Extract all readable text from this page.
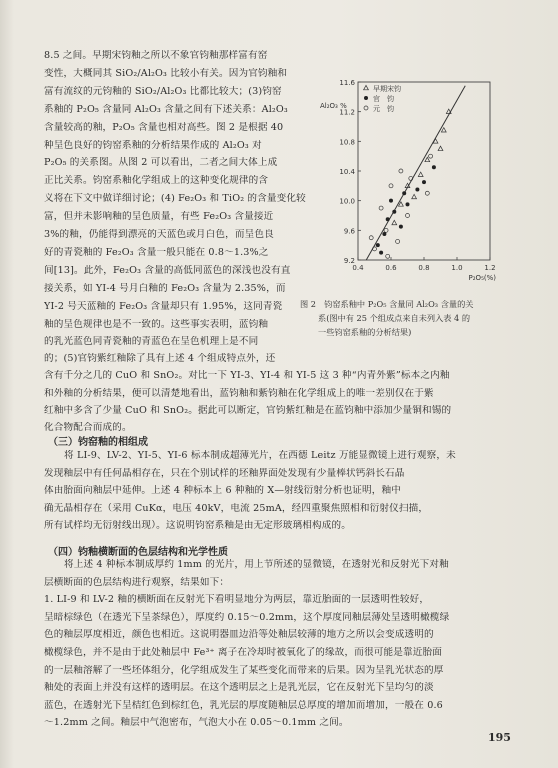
8.5 之间。早期宋钧釉之所以不象官钧釉那样富有窑
变性，大概同其 SiO₂/Al₂O₃ 比较小有关。因为官钧釉和
富有流纹的元钧釉的 SiO₂/Al₂O₃ 比都比较大；(3)钧窑
系釉的 P₂O₅ 含量同 Al₂O₃ 含量之间有下述关系：Al₂O₃
含量较高的釉，P₂O₅ 含量也相对高些。图 2 是根据 40
种呈色良好的钧窑系釉的分析结果作成的 Al₂O₃ 对
P₂O₅ 的关系图。从图 2 可以看出，二者之间大体上成
正比关系。钧窑系釉化学组成上的这种变化规律的含
义将在下文中做详细讨论；(4) Fe₂O₃ 和 TiO₂ 的含量变化较
富，但并未影响釉的呈色质量，有些 Fe₂O₃ 含量接近
3%的釉，仍能得到漂亮的天蓝色或月白色，而呈色良
好的青瓷釉的 Fe₂O₃ 含量一般只能在 0.8～1.3%之
间[13]。此外，Fe₂O₃ 含量的高低同蓝色的深浅也没有直
接关系，如 YI-4 号月白釉的 Fe₂O₃ 含量为 2.35%，而
YI-2 号天蓝釉的 Fe₂O₃ 含量却只有 1.95%，这同青瓷
釉的呈色规律也是不一致的。这些事实表明，蓝钧釉
9.2
9.6
10.0
10.4
10.8
11.2
11.6
0.4	0.6	0.8	1.0	1.2
Al₂O₃ %
P₂O₅(%)
早期宋钧
官　钧
元　钧
图 2　钧窑系釉中 P₂O₅ 含量同 Al₂O₃ 含量的关
系(图中有 25 个组成点来自未列入表 4 的
一些钧窑系釉的分析结果)
的乳光蓝色同青瓷釉的青蓝色在呈色机理上是不同
的；(5)官钧紫红釉除了具有上述 4 个组成特点外，还
含有千分之几的 CuO 和 SnO₂。对比一下 YI-3、YI-4 和 YI-5 这 3 种“内青外紫”标本之内釉
和外釉的分析结果，便可以清楚地看出，蓝钧釉和紫钧釉在化学组成上的唯一差别仅在于紫
红釉中多含了少量 CuO 和 SnO₂。据此可以断定，官钧紫红釉是在蓝钧釉中添加少量铜和锡的
化合物配合而成的。
（三）钧窑釉的相组成
将 LI-9、LV-2、YI-5、YI-6 标本制成超薄光片，在西德 Leitz 万能显微镜上进行观察，未
发现釉层中有任何晶相存在，只在个别试样的坯釉界面处发现有少量棒状钙斜长石晶
体由胎面向釉层中延伸。上述 4 种标本上 6 种釉的 X—射线衍射分析也证明，釉中
确无晶相存在（采用 CuKα，电压 40kV，电流 25mA，经四重聚焦照相和衍射仪扫描，
所有试样均无衍射线出现）。这说明钧窑系釉是由无定形玻璃相构成的。
（四）钧釉横断面的色层结构和光学性质
将上述 4 种标本制成厚约 1mm 的光片，用上节所述的显微镜，在透射光和反射光下对釉
层横断面的色层结构进行观察，结果如下：
1. LI-9 和 LV-2 釉的横断面在反射光下看明显地分为两层，靠近胎面的一层透明性较好，
呈暗棕绿色（在透光下呈茶绿色），厚度约 0.15～0.2mm，这个厚度同釉层薄处呈透明橄榄绿
色的釉层厚度相近，颜色也相近。这说明器皿边沿等处釉层较薄的地方之所以会变成透明的
橄榄绿色，并不是由于此处釉层中 Fe³⁺ 离子在冷却时被氧化了的缘故，而很可能是靠近胎面
的一层釉溶解了一些坯体组分，化学组成发生了某些变化而带来的后果。因为呈乳光状态的厚
釉处的表面上并没有这样的透明层。在这个透明层之上是乳光层，它在反射光下呈均匀的淡
蓝色，在透射光下呈桔红色到棕红色，乳光层的厚度随釉层总厚度的增加而增加，一般在 0.6
～1.2mm 之间。釉层中气泡密布，气泡大小在 0.05～0.1mm 之间。
195
